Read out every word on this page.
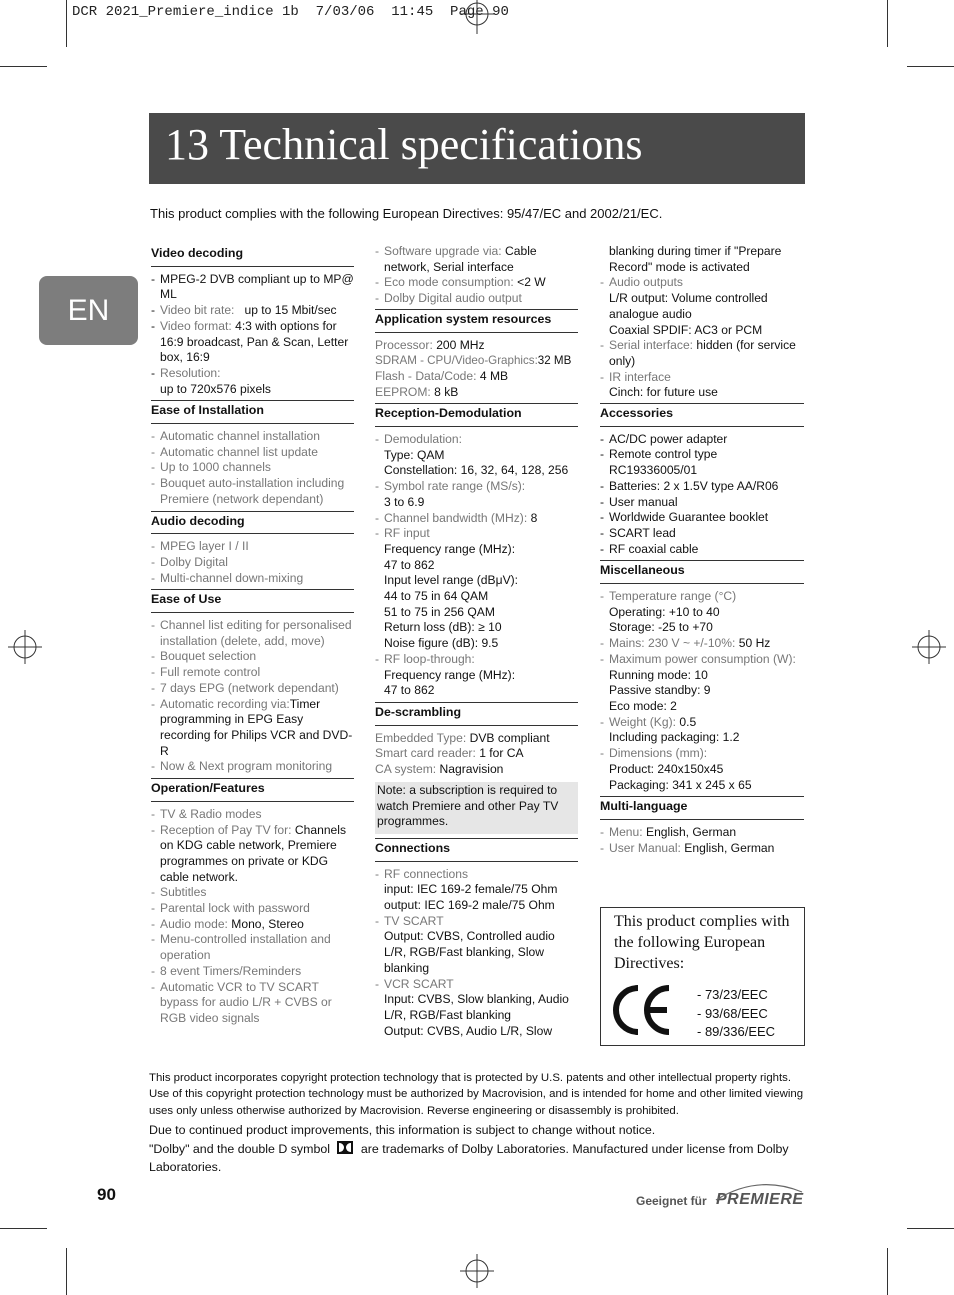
DCR 2021_Premiere_indice 1b  7/03/06  11:45  Page 90
13 Technical specifications
EN
This product complies with the following European Directives: 95/47/EC and 2002/21/EC.
Video decoding
- MPEG-2 DVB compliant up to MP@ ML
- Video bit rate: up to 15 Mbit/sec
- Video format: 4:3 with options for 16:9 broadcast, Pan & Scan, Letter box, 16:9
- Resolution:
up to 720x576 pixels
Ease of Installation
- Automatic channel installation
- Automatic channel list update
- Up to 1000 channels
- Bouquet auto-installation including Premiere (network dependant)
Audio decoding
- MPEG layer I / II
- Dolby Digital
- Multi-channel down-mixing
Ease of Use
- Channel list editing for personalised installation (delete, add, move)
- Bouquet selection
- Full remote control
- 7 days EPG (network dependant)
- Automatic recording via:Timer programming in EPG Easy recording for Philips VCR and DVD-R
- Now & Next program monitoring
Operation/Features
- TV & Radio modes
- Reception of Pay TV for: Channels on KDG cable network, Premiere programmes on private or KDG cable network.
- Subtitles
- Parental lock with password
- Audio mode: Mono, Stereo
- Menu-controlled installation and operation
- 8 event Timers/Reminders
- Automatic VCR to TV SCART bypass for audio L/R + CVBS or RGB video signals
- Software upgrade via: Cable network, Serial interface
- Eco mode consumption: <2 W
- Dolby Digital audio output
Application system resources
Processor: 200 MHz
SDRAM - CPU/Video-Graphics:32 MB
Flash - Data/Code: 4 MB
EEPROM: 8 kB
Reception-Demodulation
- Demodulation:
Type: QAM
Constellation: 16, 32, 64, 128, 256
- Symbol rate range (MS/s):
3 to 6.9
- Channel bandwidth (MHz): 8
- RF input
Frequency range (MHz):
47 to 862
Input level range (dBμV):
44 to 75 in 64 QAM
51 to 75 in 256 QAM
Return loss (dB): ≥ 10
Noise figure (dB): 9.5
- RF loop-through:
Frequency range (MHz):
47 to 862
De-scrambling
Embedded Type: DVB compliant
Smart card reader: 1 for CA
CA system: Nagravision
Note: a subscription is required to watch Premiere and other Pay TV programmes.
Connections
- RF connections
input: IEC 169-2 female/75 Ohm
output: IEC 169-2 male/75 Ohm
- TV SCART
Output: CVBS, Controlled audio L/R, RGB/Fast blanking, Slow blanking
- VCR SCART
Input: CVBS, Slow blanking, Audio L/R, RGB/Fast blanking
Output: CVBS, Audio L/R, Slow
blanking during timer if "Prepare Record" mode is activated
- Audio outputs
L/R output: Volume controlled analogue audio
Coaxial SPDIF: AC3 or PCM
- Serial interface: hidden (for service only)
- IR interface
Cinch: for future use
Accessories
- AC/DC power adapter
- Remote control type RC19336005/01
- Batteries: 2 x 1.5V type AA/R06
- User manual
- Worldwide Guarantee booklet
- SCART lead
- RF coaxial cable
Miscellaneous
- Temperature range (°C)
Operating: +10 to 40
Storage: -25 to +70
- Mains: 230 V ~ +/-10%: 50 Hz
- Maximum power consumption (W):
Running mode: 10
Passive standby: 9
Eco mode: 2
- Weight (Kg): 0.5
Including packaging: 1.2
- Dimensions (mm):
Product: 240x150x45
Packaging: 341 x 245 x 65
Multi-language
- Menu: English, German
- User Manual: English, German
This product complies with the following European Directives:
- 73/23/EEC
- 93/68/EEC
- 89/336/EEC
This product incorporates copyright protection technology that is protected by U.S. patents and other intellectual property rights. Use of this copyright protection technology must be authorized by Macrovision, and is intended for home and other limited viewing uses only unless otherwise authorized by Macrovision. Reverse engineering or disassembly is prohibited.
Due to continued product improvements, this information is subject to change without notice.
"Dolby" and the double D symbol are trademarks of Dolby Laboratories. Manufactured under license from Dolby Laboratories.
90	Geeignet für PREMIERE
